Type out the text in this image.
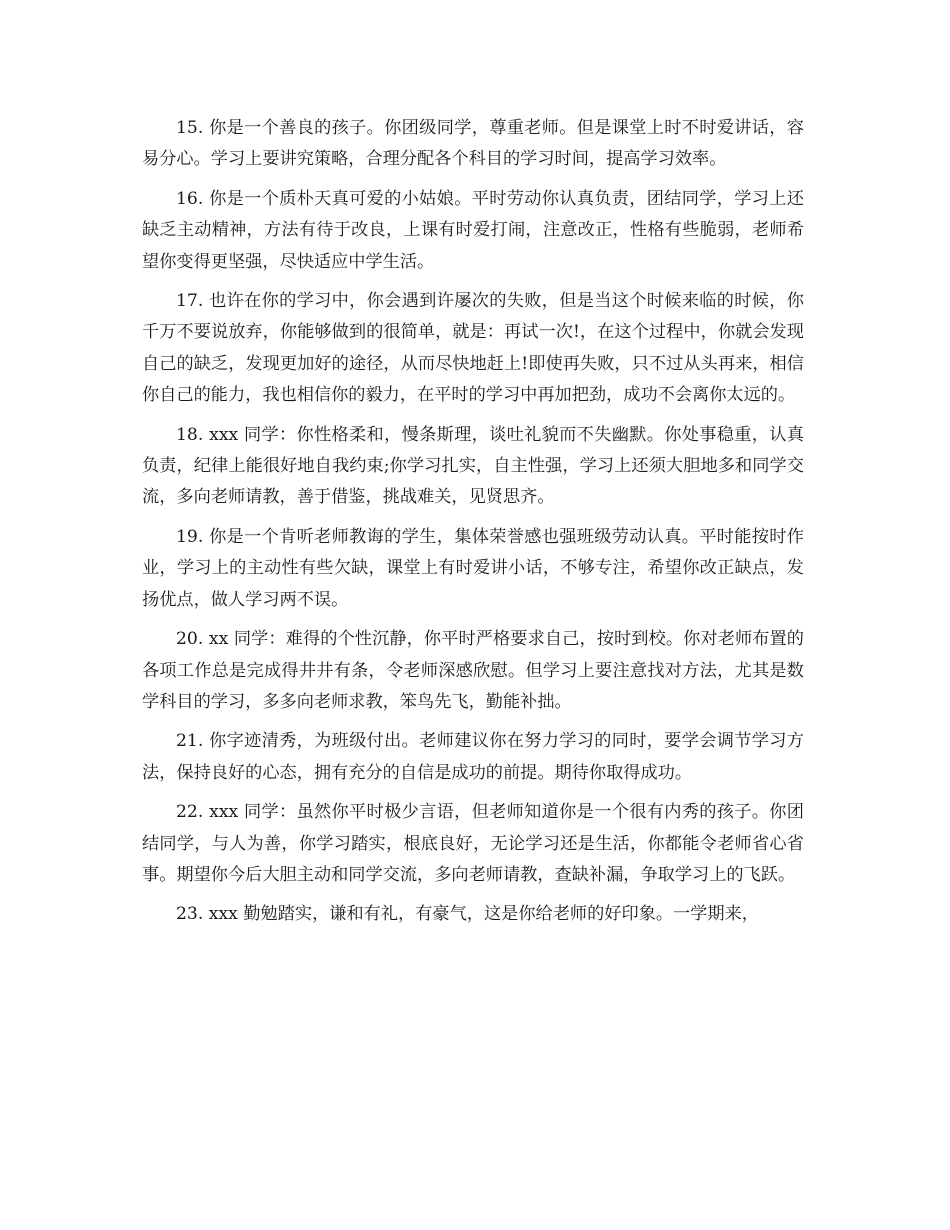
15. 你是一个善良的孩子。你团级同学，尊重老师。但是课堂上时不时爱讲话，容易分心。学习上要讲究策略，合理分配各个科目的学习时间，提高学习效率。

16. 你是一个质朴天真可爱的小姑娘。平时劳动你认真负责，团结同学，学习上还缺乏主动精神，方法有待于改良，上课有时爱打闹，注意改正，性格有些脆弱，老师希望你变得更坚强，尽快适应中学生活。

17. 也许在你的学习中，你会遇到许屡次的失败，但是当这个时候来临的时候，你千万不要说放弃，你能够做到的很简单，就是：再试一次!，在这个过程中，你就会发现自己的缺乏，发现更加好的途径，从而尽快地赶上!即使再失败，只不过从头再来，相信你自己的能力，我也相信你的毅力，在平时的学习中再加把劲，成功不会离你太远的。

18. xxx 同学：你性格柔和，慢条斯理，谈吐礼貌而不失幽默。你处事稳重，认真负责，纪律上能很好地自我约束;你学习扎实，自主性强，学习上还须大胆地多和同学交流，多向老师请教，善于借鉴，挑战难关，见贤思齐。

19. 你是一个肯听老师教诲的学生，集体荣誉感也强班级劳动认真。平时能按时作业，学习上的主动性有些欠缺，课堂上有时爱讲小话，不够专注，希望你改正缺点，发扬优点，做人学习两不误。

20. xx 同学：难得的个性沉静，你平时严格要求自己，按时到校。你对老师布置的各项工作总是完成得井井有条，令老师深感欣慰。但学习上要注意找对方法，尤其是数学科目的学习，多多向老师求教，笨鸟先飞，勤能补拙。

21. 你字迹清秀，为班级付出。老师建议你在努力学习的同时，要学会调节学习方法，保持良好的心态，拥有充分的自信是成功的前提。期待你取得成功。

22. xxx 同学：虽然你平时极少言语，但老师知道你是一个很有内秀的孩子。你团结同学，与人为善，你学习踏实，根底良好，无论学习还是生活，你都能令老师省心省事。期望你今后大胆主动和同学交流，多向老师请教，查缺补漏，争取学习上的飞跃。

23. xxx 勤勉踏实，谦和有礼，有豪气，这是你给老师的好印象。一学期来，
